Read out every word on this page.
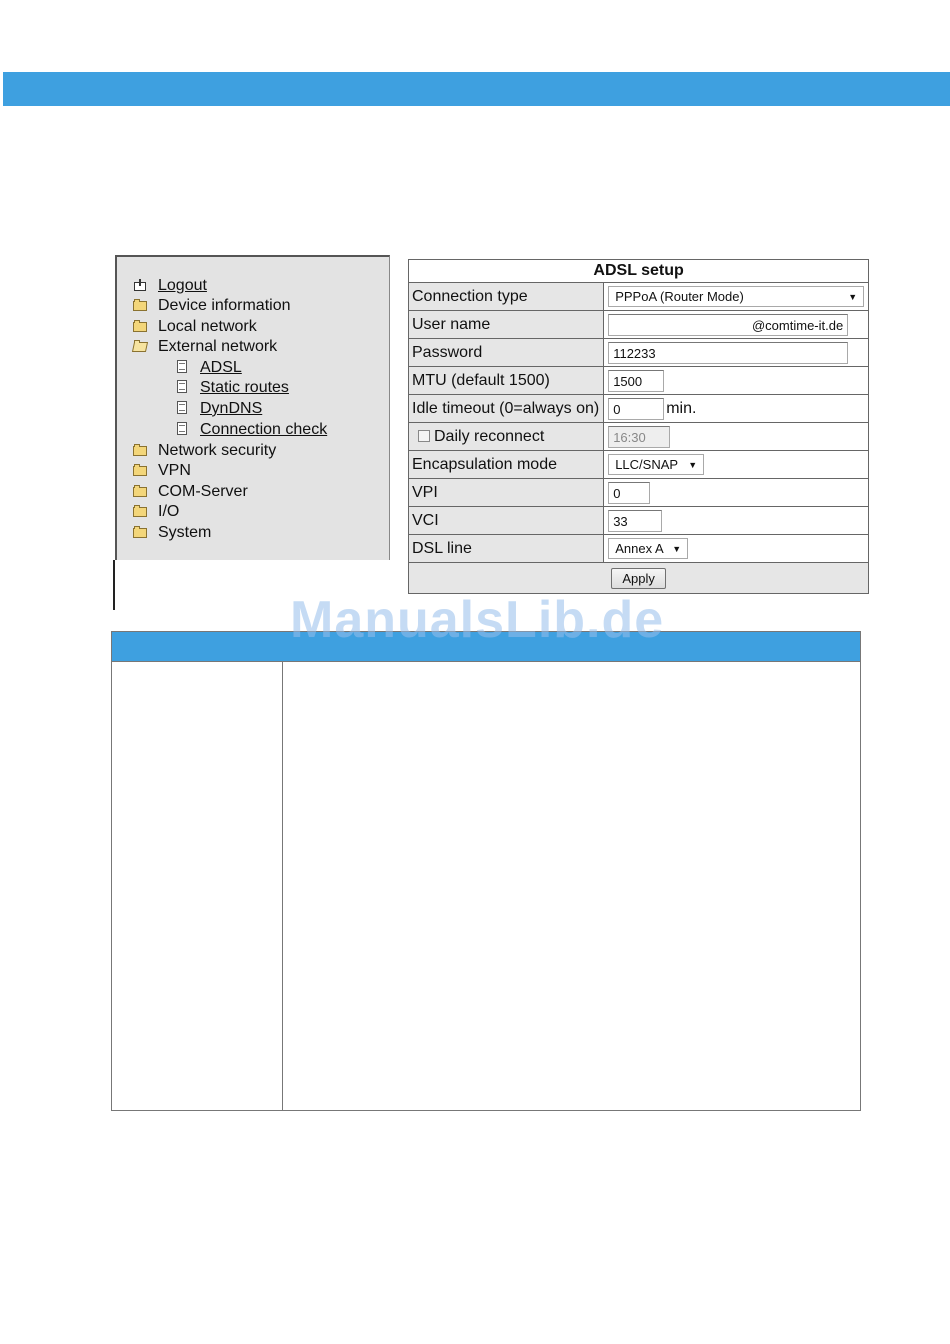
Logout
Device information
Local network
External network
ADSL
Static routes
DynDNS
Connection check
Network security
VPN
COM-Server
I/O
System
ADSL setup	
Connection type	PPPoA (Router Mode) ▼

User name	@comtime-it.de
Password	112233
MTU (default 1500)	1500
Idle timeout (0=always on)	0 min.
Daily reconnect	16:30
Encapsulation mode	LLC/SNAP ▼

VPI	0
VCI	33
DSL line	Annex A ▼

Apply	
ManualsLib.de
